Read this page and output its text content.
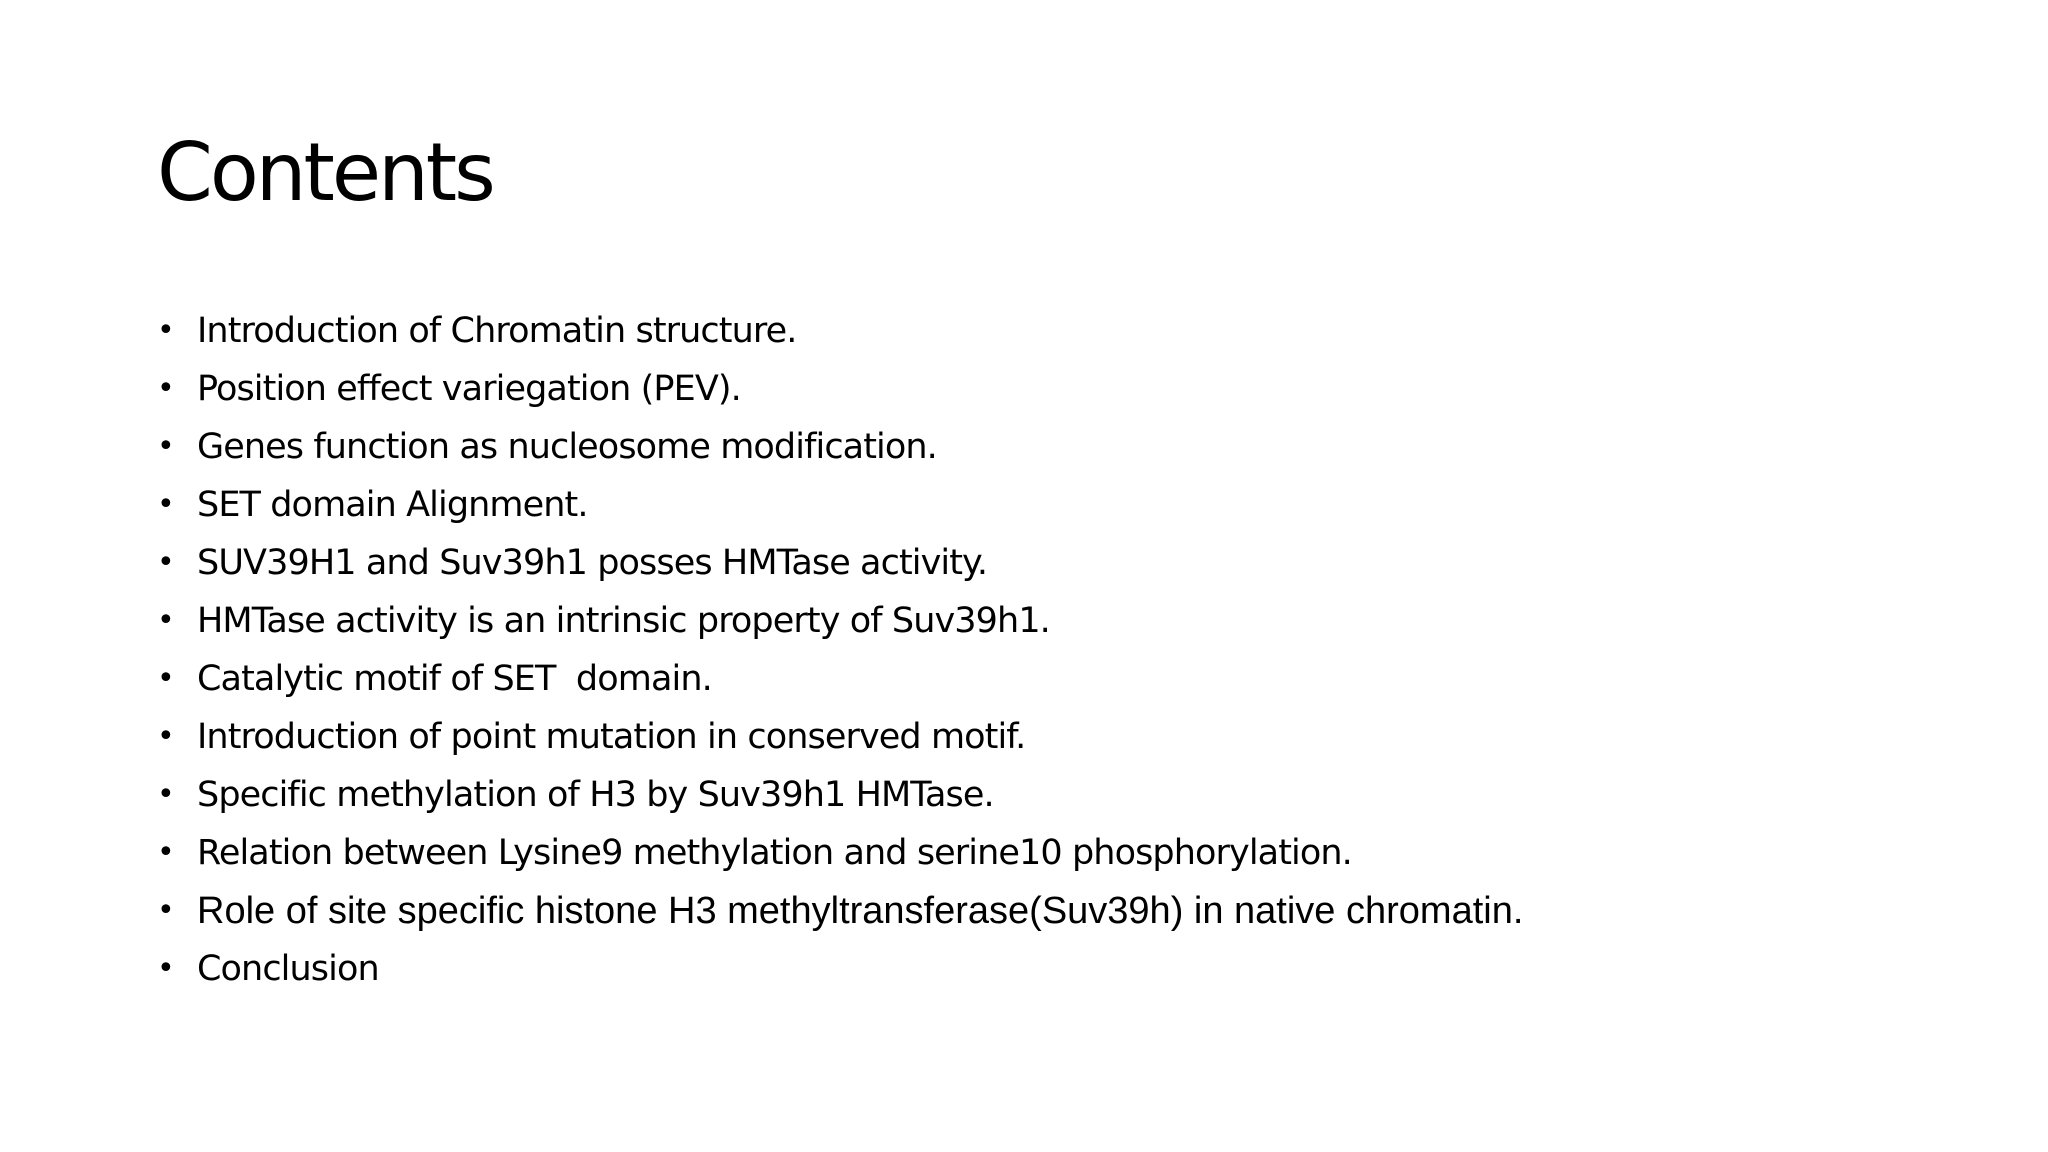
Contents
• Introduction of Chromatin structure.
• Position effect variegation (PEV).
• Genes function as nucleosome modification.
• SET domain Alignment.
• SUV39H1 and Suv39h1 posses HMTase activity.
• HMTase activity is an intrinsic property of Suv39h1.
• Catalytic motif of SET  domain.
• Introduction of point mutation in conserved motif.
• Specific methylation of H3 by Suv39h1 HMTase.
• Relation between Lysine9 methylation and serine10 phosphorylation.
• Role of site specific histone H3 methyltransferase(Suv39h) in native chromatin.
• Conclusion
